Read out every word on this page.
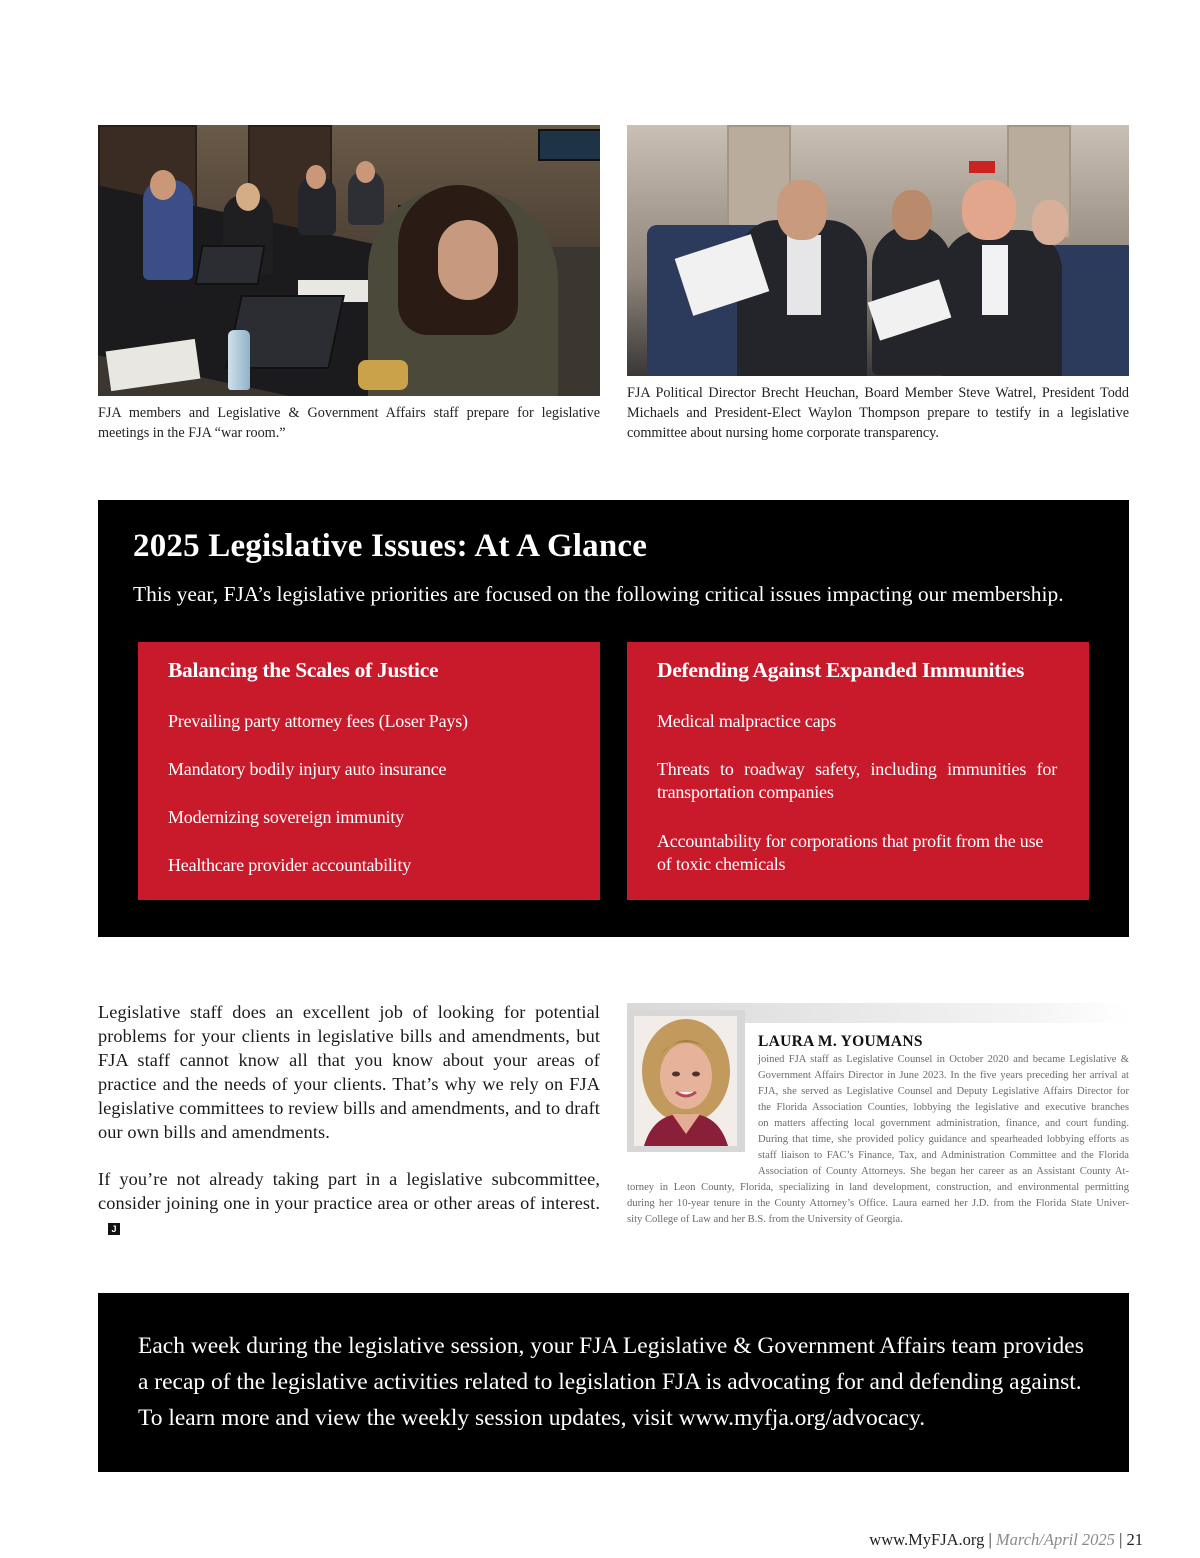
FJA members and Legislative & Government Affairs staff prepare for legislative meetings in the FJA “war room.”
FJA Political Director Brecht Heuchan, Board Member Steve Watrel, President Todd Michaels and President-Elect Waylon Thompson prepare to testify in a legislative committee about nursing home corporate transparency.
2025 Legislative Issues: At A Glance
This year, FJA’s legislative priorities are focused on the following critical issues impacting our membership.
Balancing the Scales of Justice
Prevailing party attorney fees (Loser Pays)
Mandatory bodily injury auto insurance
Modernizing sovereign immunity
Healthcare provider accountability
Defending Against Expanded Immunities
Medical malpractice caps
Threats to roadway safety, including immunities for transportation companies
Accountability for corporations that profit from the use of toxic chemicals
Legislative staff does an excellent job of looking for potential problems for your clients in legislative bills and amendments, but FJA staff cannot know all that you know about your areas of practice and the needs of your clients. That’s why we rely on FJA legislative committees to review bills and amendments, and to draft our own bills and amendments.
If you’re not already taking part in a legislative subcommittee, consider joining one in your practice area or other areas of interest.J
LAURA M. YOUMANS
joined FJA staff as Legislative Counsel in October 2020 and became Legislative &
Government Affairs Director in June 2023. In the five years preceding her arrival at
FJA, she served as Legislative Counsel and Deputy Legislative Affairs Director for
the Florida Association Counties, lobbying the legislative and executive branches
on matters affecting local government administration, finance, and court funding.
During that time, she provided policy guidance and spearheaded lobbying efforts as
staff liaison to FAC’s Finance, Tax, and Administration Committee and the Florida
Association of County Attorneys. She began her career as an Assistant County At-
torney in Leon County, Florida, specializing in land development, construction, and environmental permitting
during her 10-year tenure in the County Attorney’s Office. Laura earned her J.D. from the Florida State Univer-
sity College of Law and her B.S. from the University of Georgia.
Each week during the legislative session, your FJA Legislative & Government Affairs team provides
a recap of the legislative activities related to legislation FJA is advocating for and defending against.
To learn more and view the weekly session updates, visit www.myfja.org/advocacy.
www.MyFJA.org | March/April 2025 | 21
